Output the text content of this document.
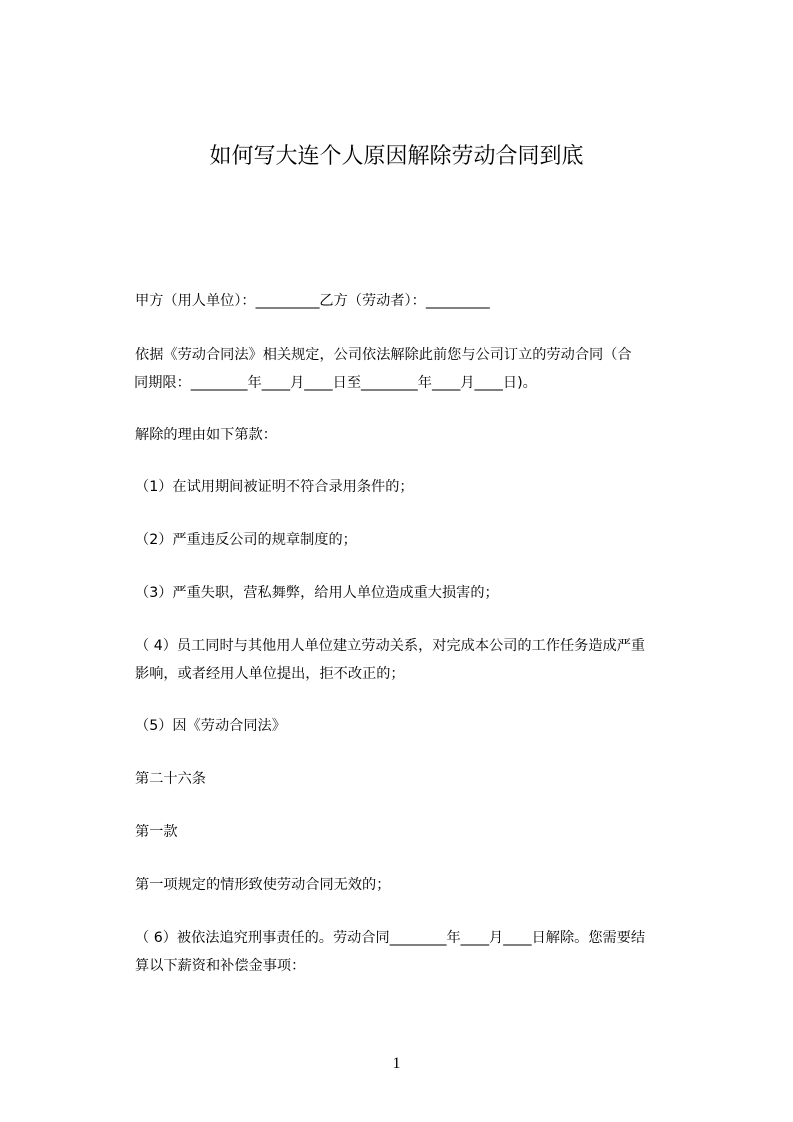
如何写大连个人原因解除劳动合同到底
甲方（用人单位）：_________乙方（劳动者）：_________
依据《劳动合同法》相关规定，公司依法解除此前您与公司订立的劳动合同（合
同期限：________年____月____日至________年____月____日)。
解除的理由如下第款：
（1）在试用期间被证明不符合录用条件的；
（2）严重违反公司的规章制度的；
（3）严重失职，营私舞弊，给用人单位造成重大损害的；
（ 4）员工同时与其他用人单位建立劳动关系，对完成本公司的工作任务造成严重
影响，或者经用人单位提出，拒不改正的；
（5）因《劳动合同法》
第二十六条
第一款
第一项规定的情形致使劳动合同无效的；
（ 6）被依法追究刑事责任的。劳动合同________年____月____日解除。您需要结
算以下薪资和补偿金事项：
1
